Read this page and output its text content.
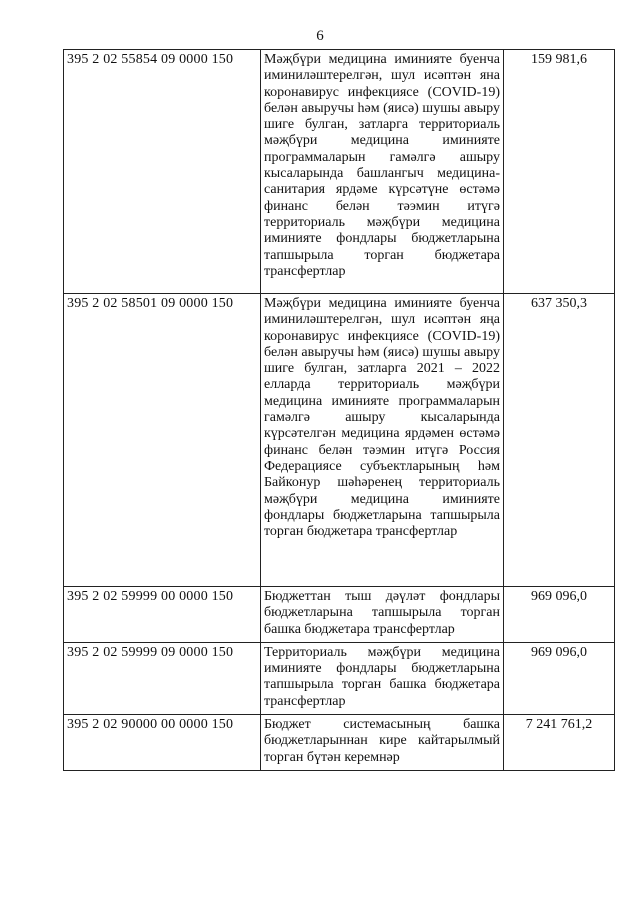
6
395 2 02 55854 09 0000 150	Мәҗбүри медицина иминияте буенча иминиләштерелгән, шул исәптән яна коронавирус инфекциясе (COVID-19) белән авыручы һәм (яисә) шушы авыру шиге булган, затларга территориаль мәҗбүри медицина иминияте программаларын гамәлгә ашыру кысаларында башлангыч медицина-санитария ярдәме күрсәтүне өстәмә финанс белән тәэмин итүгә территориаль мәҗбүри медицина иминияте фондлары бюджетларына тапшырыла торган бюджетара трансфертлар	159 981,6
395 2 02 58501 09 0000 150	Мәҗбүри медицина иминияте буенча иминиләштерелгән, шул исәптән яңа коронавирус инфекциясе (COVID-19) белән авыручы һәм (яисә) шушы авыру шиге булган, затларга 2021 – 2022 елларда территориаль мәҗбүри медицина иминияте программаларын гамәлгә ашыру кысаларында күрсәтелгән медицина ярдәмен өстәмә финанс белән тәэмин итүгә Россия Федерациясе субъектларының һәм Байконур шәһәренең территориаль мәҗбүри медицина иминияте фондлары бюджетларына тапшырыла торган бюджетара трансфертлар	637 350,3
395 2 02 59999 00 0000 150	Бюджеттан тыш дәүләт фондлары бюджетларына тапшырыла торган башка бюджетара трансфертлар	969 096,0
395 2 02 59999 09 0000 150	Территориаль мәҗбүри медицина иминияте фондлары бюджетларына тапшырыла торган башка бюджетара трансфертлар	969 096,0
395 2 02 90000 00 0000 150	Бюджет системасының башка бюджетларыннан кире кайтарылмый торган бүтән керемнәр	7 241 761,2
